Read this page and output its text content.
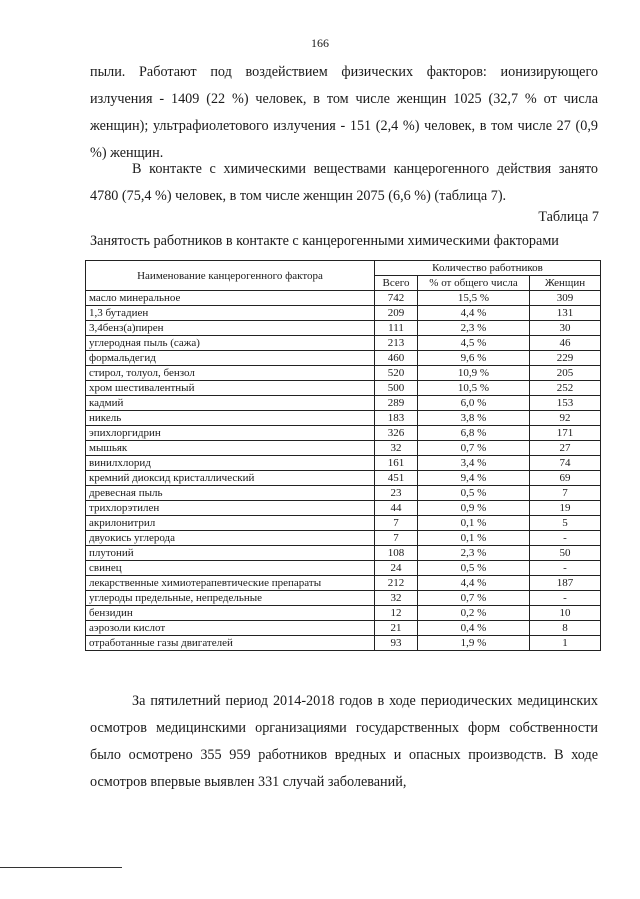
166

пыли. Работают под воздействием физических факторов: ионизирующего излучения - 1409 (22 %) человек, в том числе женщин 1025 (32,7 % от числа женщин); ультрафиолетового излучения - 151 (2,4 %) человек, в том числе 27 (0,9 %) женщин.

В контакте с химическими веществами канцерогенного действия занято 4780 (75,4 %) человек, в том числе женщин 2075 (6,6 %) (таблица 7).

Таблица 7

Занятость работников в контакте с канцерогенными химическими факторами

Наименование канцерогенного фактора	Количество работников		
	Всего	% от общего числа	Женщин
масло минеральное	742	15,5 %	309
1,3 бутадиен	209	4,4 %	131
3,4бенз(а)пирен	111	2,3 %	30
углеродная пыль (сажа)	213	4,5 %	46
формальдегид	460	9,6 %	229
стирол, толуол, бензол	520	10,9 %	205
хром шестивалентный	500	10,5 %	252
кадмий	289	6,0 %	153
никель	183	3,8 %	92
эпихлоргидрин	326	6,8 %	171
мышьяк	32	0,7 %	27
винилхлорид	161	3,4 %	74
кремний диоксид кристаллический	451	9,4 %	69
древесная пыль	23	0,5 %	7
трихлорэтилен	44	0,9 %	19
акрилонитрил	7	0,1 %	5
двуокись углерода	7	0,1 %	-
плутоний	108	2,3 %	50
свинец	24	0,5 %	-
лекарственные химиотерапевтические препараты	212	4,4 %	187
углероды предельные, непредельные	32	0,7 %	-
бензидин	12	0,2 %	10
аэрозоли кислот	21	0,4 %	8
отработанные газы двигателей	93	1,9 %	1

За пятилетний период 2014-2018 годов в ходе периодических медицинских осмотров медицинскими организациями государственных форм собственности было осмотрено 355 959 работников вредных и опасных производств. В ходе осмотров впервые выявлен 331 случай заболеваний,
